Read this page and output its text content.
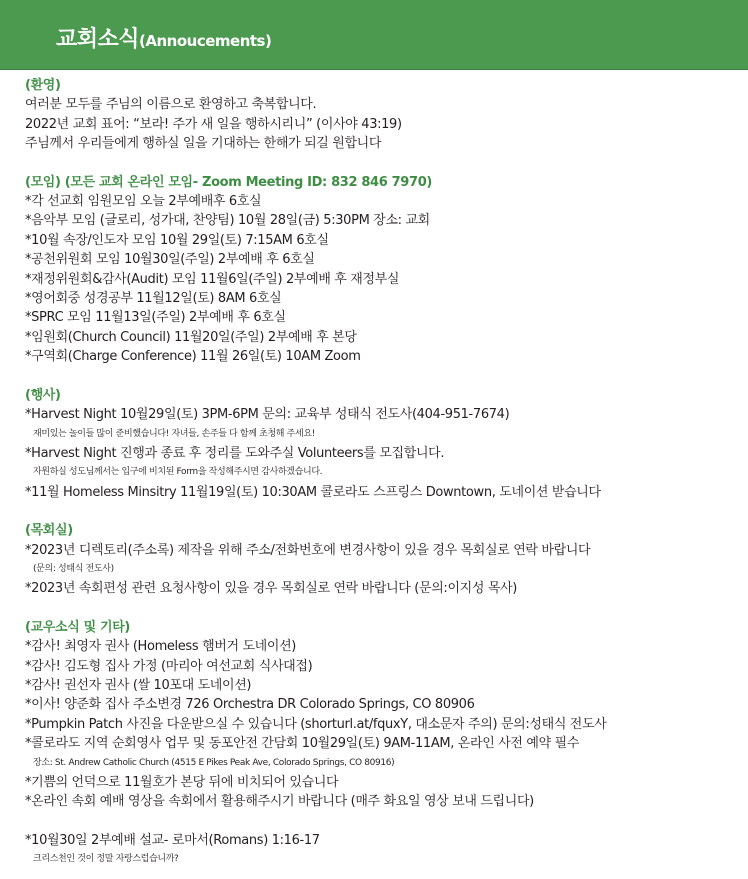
교회소식(Annoucements)
(환영)
여러분 모두를 주님의 이름으로 환영하고 축복합니다.
2022년 교회 표어: “보라! 주가 새 일을 행하시리니” (이사야 43:19)
주님께서 우리들에게 행하실 일을 기대하는 한해가 되길 원합니다
(모임) (모든 교회 온라인 모임- Zoom Meeting ID: 832 846 7970)
*각 선교회 임원모임 오늘 2부예배후 6호실
*음악부 모임 (글로리, 성가대, 찬양팀) 10월 28일(금) 5:30PM 장소: 교회
*10월 속장/인도자 모임 10월 29일(토) 7:15AM 6호실
*공천위원회 모임 10월30일(주일) 2부예배 후 6호실
*재정위원회&감사(Audit) 모임 11월6일(주일) 2부예배 후 재정부실
*영어회중 성경공부 11월12일(토) 8AM 6호실
*SPRC 모임 11월13일(주일) 2부예배 후 6호실
*임원회(Church Council) 11월20일(주일) 2부예배 후 본당
*구역회(Charge Conference) 11월 26일(토) 10AM Zoom
(행사)
*Harvest Night 10월29일(토) 3PM-6PM 문의: 교육부 성태식 전도사(404-951-7674)
재미있는 놀이들 많이 준비했습니다! 자녀들, 손주들 다 함께 초청해 주세요!
*Harvest Night 진행과 종료 후 정리를 도와주실 Volunteers를 모집합니다.
자원하실 성도님께서는 입구에 비치된 Form을 작성해주시면 감사하겠습니다.
*11월 Homeless Minsitry 11월19일(토) 10:30AM 콜로라도 스프링스 Downtown, 도네이션 받습니다
(목회실)
*2023년 디렉토리(주소록) 제작을 위해 주소/전화번호에 변경사항이 있을 경우 목회실로 연락 바랍니다
(문의: 성태식 전도사)
*2023년 속회편성 관련 요청사항이 있을 경우 목회실로 연락 바랍니다 (문의:이지성 목사)
(교우소식 및 기타)
*감사! 최영자 권사 (Homeless 햄버거 도네이션)
*감사! 김도형 집사 가정 (마리아 여선교회 식사대접)
*감사! 권선자 권사 (쌀 10포대 도네이션)
*이사! 양준화 집사 주소변경 726 Orchestra DR Colorado Springs, CO 80906
*Pumpkin Patch 사진을 다운받으실 수 있습니다 (shorturl.at/fquxY, 대소문자 주의) 문의:성태식 전도사
*콜로라도 지역 순회영사 업무 및 동포안전 간담회 10월29일(토) 9AM-11AM, 온라인 사전 예약 필수
장소: St. Andrew Catholic Church (4515 E Pikes Peak Ave, Colorado Springs, CO 80916)
*기쁨의 언덕으로 11월호가 본당 뒤에 비치되어 있습니다
*온라인 속회 예배 영상을 속회에서 활용해주시기 바랍니다 (매주 화요일 영상 보내 드립니다)
*10월30일 2부예배 설교- 로마서(Romans) 1:16-17
크리스천인 것이 정말 자랑스럽습니까?
